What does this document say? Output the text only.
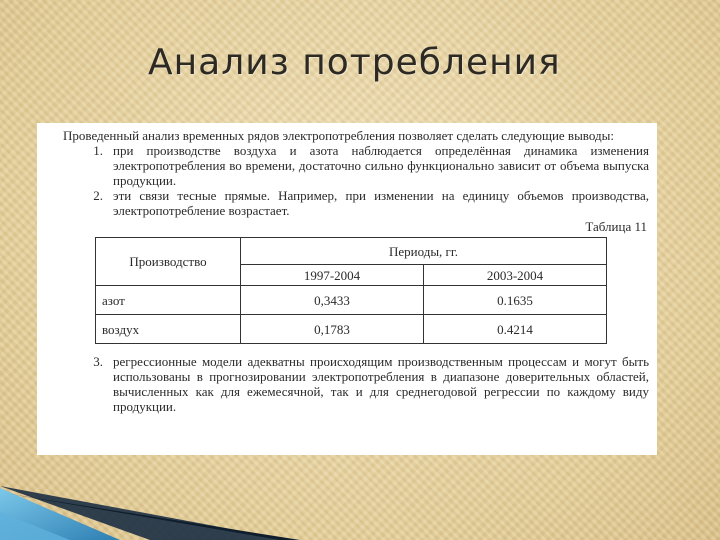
Анализ потребления

Проведенный анализ временных рядов электропотребления позволяет сделать следующие выводы:

1. при производстве воздуха и азота наблюдается определённая динамика изменения электропотребления во времени, достаточно сильно функционально зависит от объема выпуска продукции.
2. эти связи тесные прямые. Например, при изменении на единицу объемов производства, электропотребление возрастает.
Таблица 11
Производство	Периоды, гг.	
	1997-2004	2003-2004
азот	0,3433	0.1635
воздух	0,1783	0.4214
3. регрессионные модели адекватны происходящим производственным процессам и могут быть использованы в прогнозировании электропотребления в диапазоне доверительных областей, вычисленных как для ежемесячной, так и для среднегодовой регрессии по каждому виду продукции.
